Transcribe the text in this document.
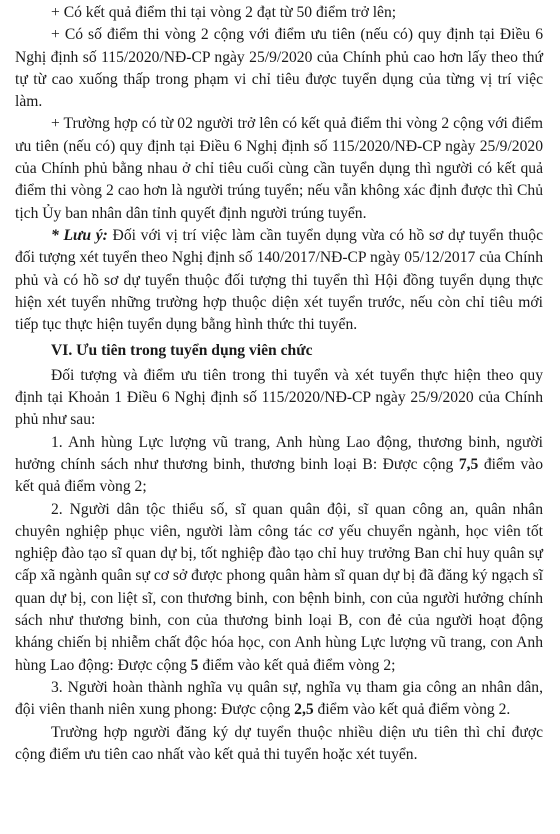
+ Có kết quả điểm thi tại vòng 2 đạt từ 50 điểm trở lên;

+ Có số điểm thi vòng 2 cộng với điểm ưu tiên (nếu có) quy định tại Điều 6 Nghị định số 115/2020/NĐ-CP ngày 25/9/2020 của Chính phủ cao hơn lấy theo thứ tự từ cao xuống thấp trong phạm vi chỉ tiêu được tuyển dụng của từng vị trí việc làm.

+ Trường hợp có từ 02 người trở lên có kết quả điểm thi vòng 2 cộng với điểm ưu tiên (nếu có) quy định tại Điều 6 Nghị định số 115/2020/NĐ-CP ngày 25/9/2020 của Chính phủ bằng nhau ở chỉ tiêu cuối cùng cần tuyển dụng thì người có kết quả điểm thi vòng 2 cao hơn là người trúng tuyển; nếu vẫn không xác định được thì Chủ tịch Ủy ban nhân dân tỉnh quyết định người trúng tuyển.

* Lưu ý: Đối với vị trí việc làm cần tuyển dụng vừa có hồ sơ dự tuyển thuộc đối tượng xét tuyển theo Nghị định số 140/2017/NĐ-CP ngày 05/12/2017 của Chính phủ và có hồ sơ dự tuyển thuộc đối tượng thi tuyển thì Hội đồng tuyển dụng thực hiện xét tuyển những trường hợp thuộc diện xét tuyển trước, nếu còn chỉ tiêu mới tiếp tục thực hiện tuyển dụng bằng hình thức thi tuyển.

VI. Ưu tiên trong tuyển dụng viên chức

Đối tượng và điểm ưu tiên trong thi tuyển và xét tuyển thực hiện theo quy định tại Khoản 1 Điều 6 Nghị định số 115/2020/NĐ-CP ngày 25/9/2020 của Chính phủ như sau:

1. Anh hùng Lực lượng vũ trang, Anh hùng Lao động, thương binh, người hưởng chính sách như thương binh, thương binh loại B: Được cộng 7,5 điểm vào kết quả điểm vòng 2;

2. Người dân tộc thiểu số, sĩ quan quân đội, sĩ quan công an, quân nhân chuyên nghiệp phục viên, người làm công tác cơ yếu chuyển ngành, học viên tốt nghiệp đào tạo sĩ quan dự bị, tốt nghiệp đào tạo chỉ huy trưởng Ban chỉ huy quân sự cấp xã ngành quân sự cơ sở được phong quân hàm sĩ quan dự bị đã đăng ký ngạch sĩ quan dự bị, con liệt sĩ, con thương binh, con bệnh binh, con của người hưởng chính sách như thương binh, con của thương binh loại B, con đẻ của người hoạt động kháng chiến bị nhiễm chất độc hóa học, con Anh hùng Lực lượng vũ trang, con Anh hùng Lao động: Được cộng 5 điểm vào kết quả điểm vòng 2;

3. Người hoàn thành nghĩa vụ quân sự, nghĩa vụ tham gia công an nhân dân, đội viên thanh niên xung phong: Được cộng 2,5 điểm vào kết quả điểm vòng 2.

Trường hợp người đăng ký dự tuyển thuộc nhiều diện ưu tiên thì chỉ được cộng điểm ưu tiên cao nhất vào kết quả thi tuyển hoặc xét tuyển.
